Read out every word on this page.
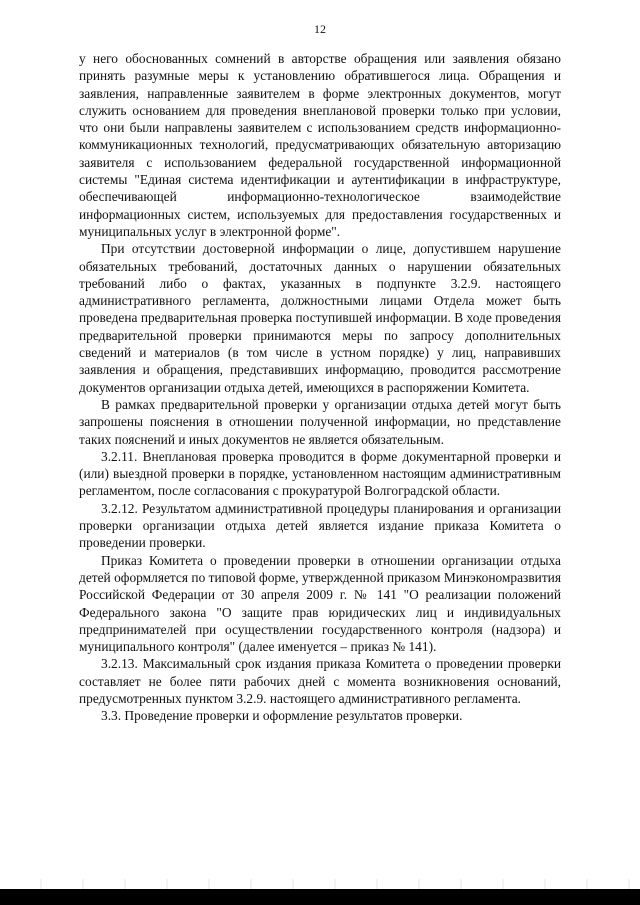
12

у него обоснованных сомнений в авторстве обращения или заявления обязано принять разумные меры к установлению обратившегося лица. Обращения и заявления, направленные заявителем в форме электронных документов, могут служить основанием для проведения внеплановой проверки только при условии, что они были направлены заявителем с использованием средств информационно-коммуникационных технологий, предусматривающих обязательную авторизацию заявителя с использованием федеральной государственной информационной системы "Единая система идентификации и аутентификации в инфраструктуре, обеспечивающей информационно-технологическое взаимодействие информационных систем, используемых для предоставления государственных и муниципальных услуг в электронной форме".

При отсутствии достоверной информации о лице, допустившем нарушение обязательных требований, достаточных данных о нарушении обязательных требований либо о фактах, указанных в подпункте 3.2.9. настоящего административного регламента, должностными лицами Отдела может быть проведена предварительная проверка поступившей информации. В ходе проведения предварительной проверки принимаются меры по запросу дополнительных сведений и материалов (в том числе в устном порядке) у лиц, направивших заявления и обращения, представивших информацию, проводится рассмотрение документов организации отдыха детей, имеющихся в распоряжении Комитета.

В рамках предварительной проверки у организации отдыха детей могут быть запрошены пояснения в отношении полученной информации, но представление таких пояснений и иных документов не является обязательным.

3.2.11. Внеплановая проверка проводится в форме документарной проверки и (или) выездной проверки в порядке, установленном настоящим административным регламентом, после согласования с прокуратурой Волгоградской области.

3.2.12. Результатом административной процедуры планирования и организации проверки организации отдыха детей является издание приказа Комитета о проведении проверки.

Приказ Комитета о проведении проверки в отношении организации отдыха детей оформляется по типовой форме, утвержденной приказом Минэкономразвития Российской Федерации от 30 апреля 2009 г. № 141 "О реализации положений Федерального закона "О защите прав юридических лиц и индивидуальных предпринимателей при осуществлении государственного контроля (надзора) и муниципального контроля" (далее именуется – приказ № 141).

3.2.13. Максимальный срок издания приказа Комитета о проведении проверки составляет не более пяти рабочих дней с момента возникновения оснований, предусмотренных пунктом 3.2.9. настоящего административного регламента.

3.3. Проведение проверки и оформление результатов проверки.
